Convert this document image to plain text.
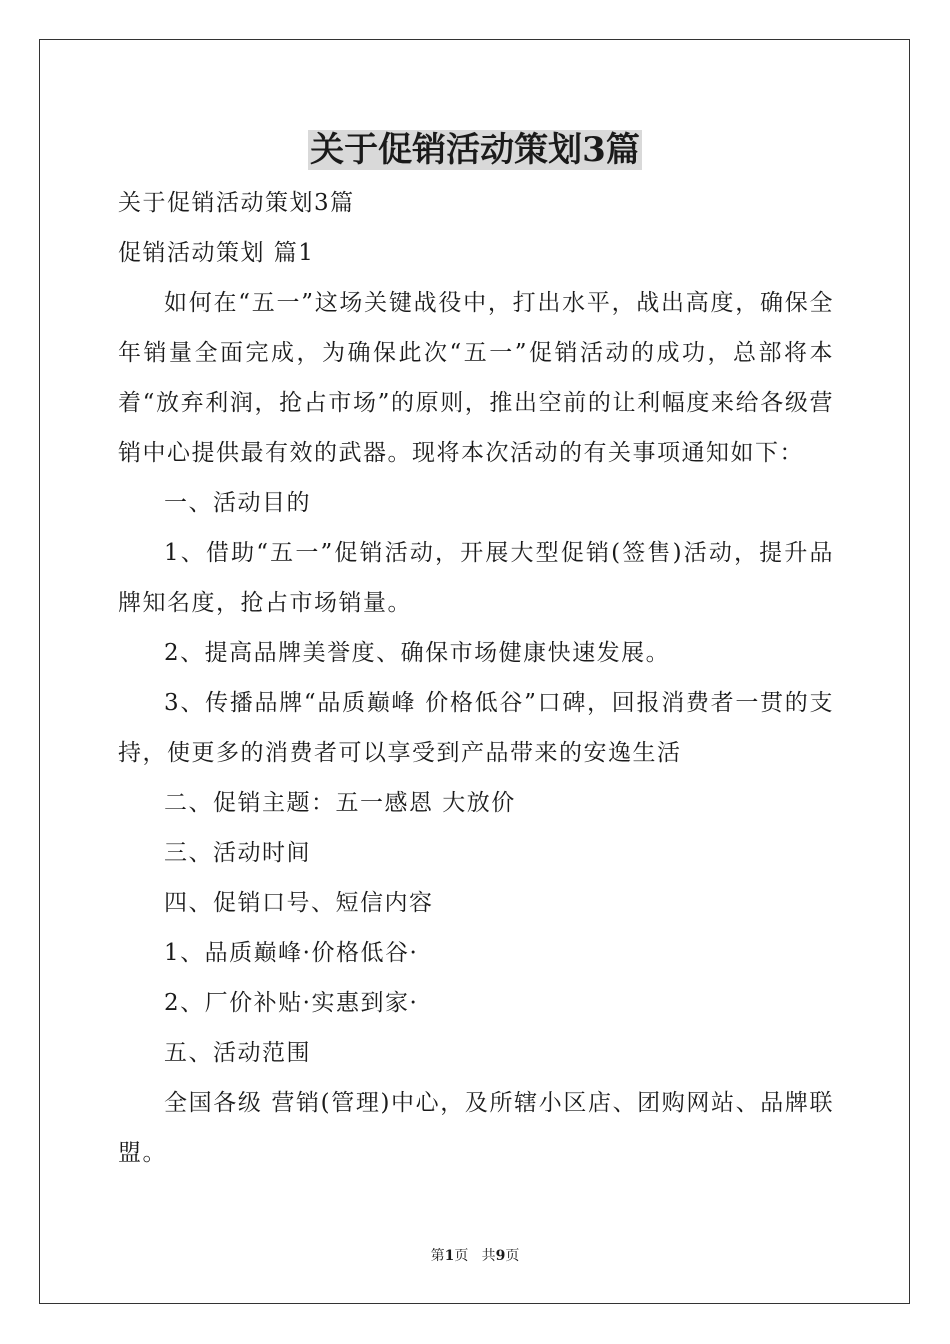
关于促销活动策划3篇

关于促销活动策划3篇

促销活动策划 篇1

如何在“五一”这场关键战役中，打出水平，战出高度，确保全年销量全面完成，为确保此次“五一”促销活动的成功，总部将本着“放弃利润，抢占市场”的原则，推出空前的让利幅度来给各级营销中心提供最有效的武器。现将本次活动的有关事项通知如下：

一、活动目的

1、借助“五一”促销活动，开展大型促销(签售)活动，提升品牌知名度，抢占市场销量。

2、提高品牌美誉度、确保市场健康快速发展。

3、传播品牌“品质巅峰 价格低谷”口碑，回报消费者一贯的支持，使更多的消费者可以享受到产品带来的安逸生活

二、促销主题：五一感恩 大放价

三、活动时间

四、促销口号、短信内容

1、品质巅峰·价格低谷·

2、厂价补贴·实惠到家·

五、活动范围

全国各级 营销(管理)中心，及所辖小区店、团购网站、品牌联盟。

第1页 共9页
